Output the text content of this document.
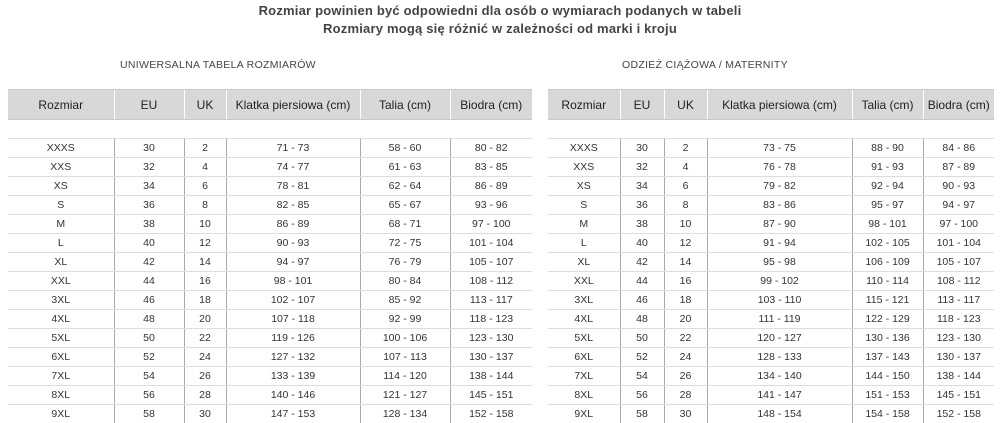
Rozmiar powinien być odpowiedni dla osób o wymiarach podanych w tabeli
Rozmiary mogą się różnić w zależności od marki i kroju
UNIWERSALNA TABELA ROZMIARÓW	ODZIEŻ CIĄŻOWA / MATERNITY
Rozmiar	EU	UK	Klatka piersiowa (cm)	Talia (cm)	Biodra (cm)

XXXS	30	2	71 - 73	58 - 60	80 - 82
XXS	32	4	74 - 77	61 - 63	83 - 85
XS	34	6	78 - 81	62 - 64	86 - 89
S	36	8	82 - 85	65 - 67	93 - 96
M	38	10	86 - 89	68 - 71	97 - 100
L	40	12	90 - 93	72 - 75	101 - 104
XL	42	14	94 - 97	76 - 79	105 - 107
XXL	44	16	98 - 101	80 - 84	108 - 112
3XL	46	18	102 - 107	85 - 92	113 - 117
4XL	48	20	107 - 118	92 - 99	118 - 123
5XL	50	22	119 - 126	100 - 106	123 - 130
6XL	52	24	127 - 132	107 - 113	130 - 137
7XL	54	26	133 - 139	114 - 120	138 - 144
8XL	56	28	140 - 146	121 - 127	145 - 151
9XL	58	30	147 - 153	128 - 134	152 - 158
Rozmiar	EU	UK	Klatka piersiowa (cm)	Talia (cm)	Biodra (cm)

XXXS	30	2	73 - 75	88 - 90	84 - 86
XXS	32	4	76 - 78	91 - 93	87 - 89
XS	34	6	79 - 82	92 - 94	90 - 93
S	36	8	83 - 86	95 - 97	94 - 97
M	38	10	87 - 90	98 - 101	97 - 100
L	40	12	91 - 94	102 - 105	101 - 104
XL	42	14	95 - 98	106 - 109	105 - 107
XXL	44	16	99 - 102	110 - 114	108 - 112
3XL	46	18	103 - 110	115 - 121	113 - 117
4XL	48	20	111 - 119	122 - 129	118 - 123
5XL	50	22	120 - 127	130 - 136	123 - 130
6XL	52	24	128 - 133	137 - 143	130 - 137
7XL	54	26	134 - 140	144 - 150	138 - 144
8XL	56	28	141 - 147	151 - 153	145 - 151
9XL	58	30	148 - 154	154 - 158	152 - 158
